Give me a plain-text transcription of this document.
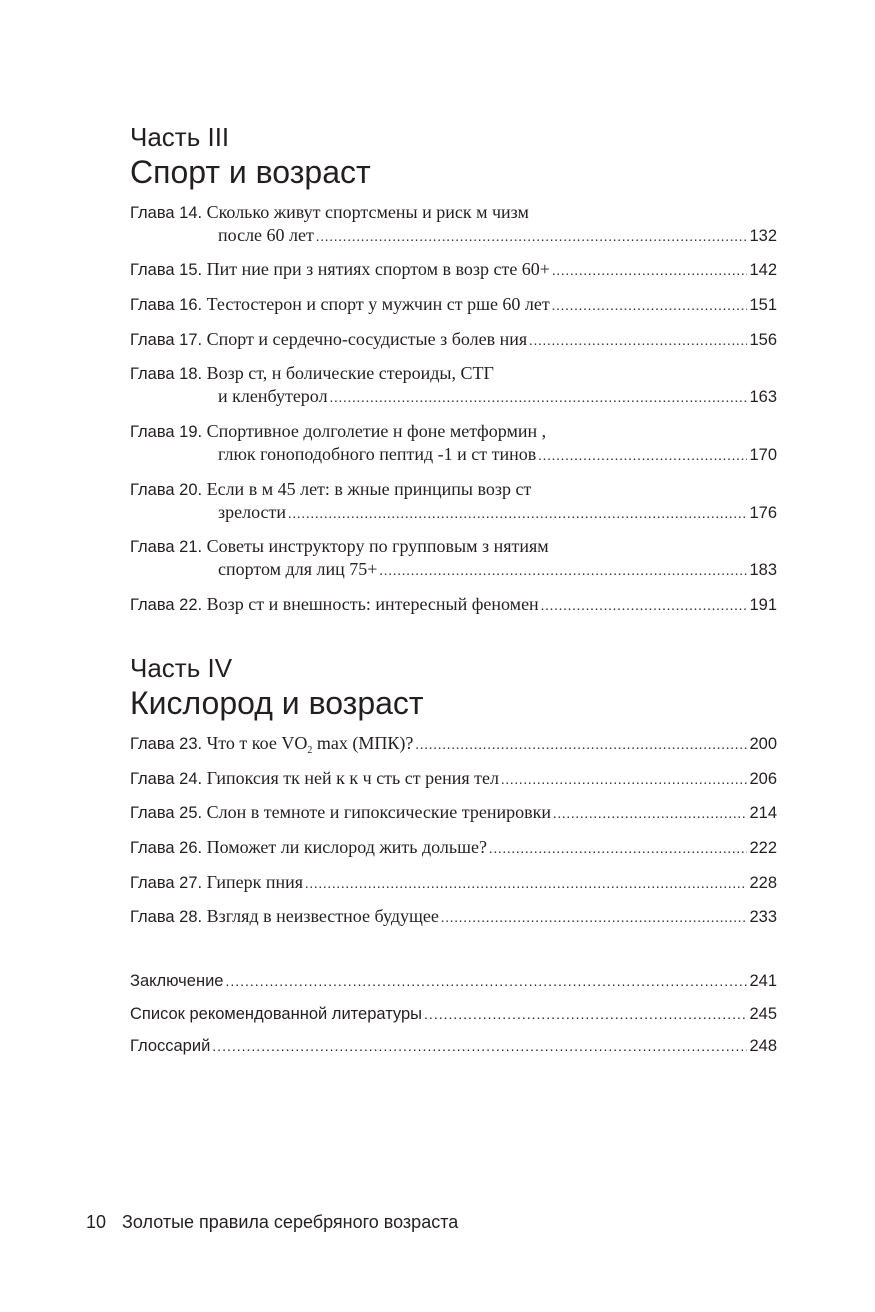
Часть III
Спорт и возраст
Глава 14.
Сколько живут спортсмены и риск м чизм
после 60 лет .....	132
Глава 15.
Пит ние при з нятиях спортом в возр сте 60+ .....	142
Глава 16.
Тестостерон и спорт у мужчин ст рше 60 лет .....	151
Глава 17.
Спорт и сердечно-сосудистые з болев ния .....	156
Глава 18.
Возр ст, н болические стероиды, СТГ
и кленбутерол .....	163
Глава 19.
Спортивное долголетие н фоне метформин ,
глюк гоноподобного пептид -1 и ст тинов .....	170
Глава 20.
Если в м 45 лет: в жные принципы возр ст
зрелости .....	176
Глава 21.
Советы инструктору по групповым з нятиям
спортом для лиц 75+ .....	183
Глава 22.
Возр ст и внешность: интересный феномен .....	191
Часть IV
Кислород и возраст
Глава 23.
Что т кое $VO_2$ max (МПК)? .....	200
Глава 24.
Гипоксия тк ней к к ч сть ст рения тел .....	206
Глава 25.
Слон в темноте и гипоксические тренировки .....	214
Глава 26.
Поможет ли кислород жить дольше? .....	222
Глава 27.
Гиперк пния .....	228
Глава 28.
Взгляд в неизвестное будущее .....	233
Заключение .....	241
Список рекомендованной литературы .....	245
Глоссарий .....	248
10 Золотые правила серебряного возраста
